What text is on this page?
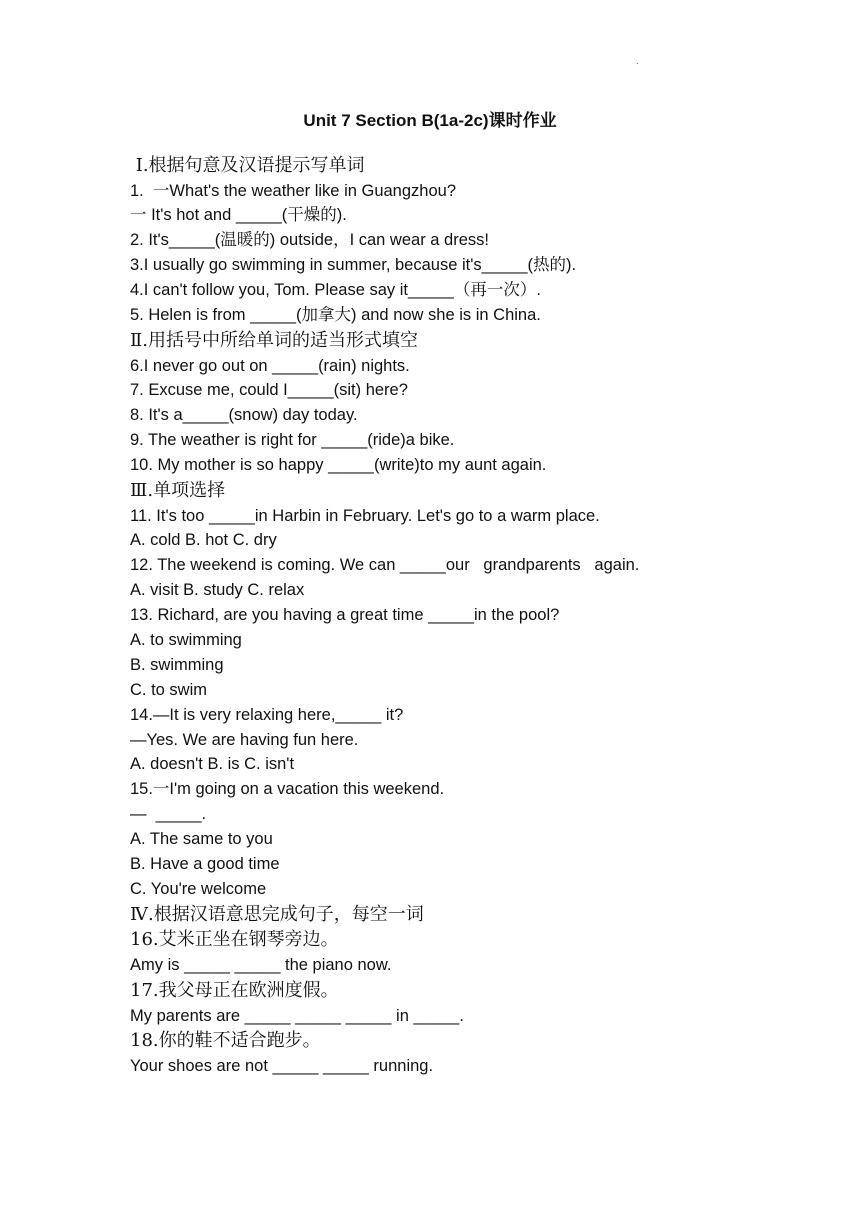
.
Unit 7 Section B(1a-2c)课时作业
Ⅰ.根据句意及汉语提示写单词
1.  一What's the weather like in Guangzhou?
一 It's hot and _____(干燥的).
2. It's_____(温暖的) outside，I can wear a dress!
3.I usually go swimming in summer, because it's_____(热的).
4.I can't follow you, Tom. Please say it_____（再一次）.
5. Helen is from _____(加拿大) and now she is in China.
Ⅱ.用括号中所给单词的适当形式填空
6.I never go out on _____(rain) nights.
7. Excuse me, could I_____(sit) here?
8. It's a_____(snow) day today.
9. The weather is right for _____(ride)a bike.
10. My mother is so happy _____(write)to my aunt again.
Ⅲ.单项选择
11. It's too _____in Harbin in February. Let's go to a warm place.
A. cold B. hot C. dry
12. The weekend is coming. We can _____our   grandparents   again.
A. visit B. study C. relax
13. Richard, are you having a great time _____in the pool?
A. to swimming
B. swimming
C. to swim
14.—It is very relaxing here,_____ it?
—Yes. We are having fun here.
A. doesn't B. is C. isn't
15.一I'm going on a vacation this weekend.
—  _____.
A. The same to you
B. Have a good time
C. You're welcome
Ⅳ.根据汉语意思完成句子，每空一词
16.艾米正坐在钢琴旁边。
Amy is _____ _____ the piano now.
17.我父母正在欧洲度假。
My parents are _____ _____ _____ in _____.
18.你的鞋不适合跑步。
Your shoes are not _____ _____ running.
